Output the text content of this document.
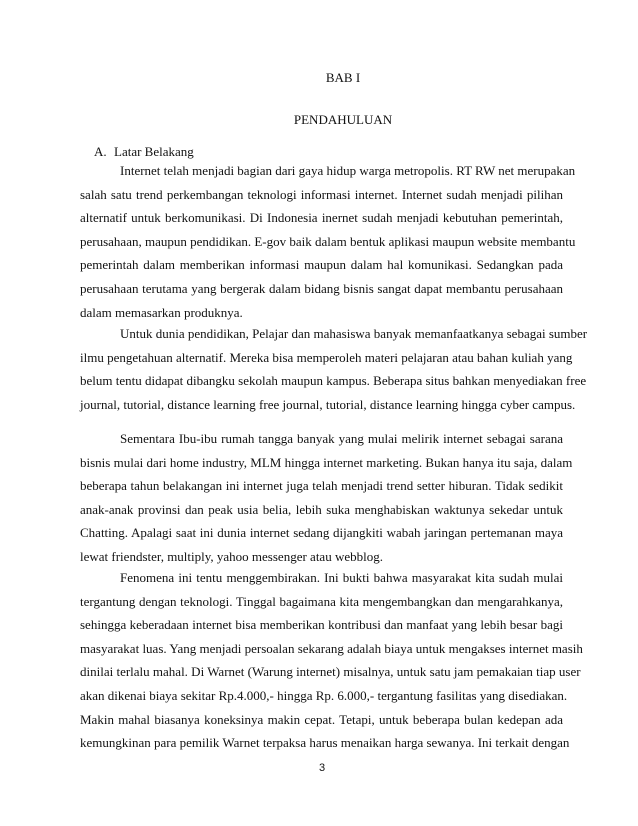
BAB I
PENDAHULUAN
A. Latar Belakang
Internet telah menjadi bagian dari gaya hidup warga metropolis. RT RW net merupakan
salah satu trend perkembangan teknologi informasi internet. Internet sudah menjadi pilihan
alternatif untuk berkomunikasi. Di Indonesia inernet sudah menjadi kebutuhan pemerintah,
perusahaan, maupun pendidikan. E-gov baik dalam bentuk aplikasi maupun website membantu
pemerintah dalam memberikan informasi maupun dalam hal komunikasi. Sedangkan pada
perusahaan terutama yang bergerak dalam bidang bisnis sangat dapat membantu perusahaan
dalam memasarkan produknya.
Untuk dunia pendidikan, Pelajar dan mahasiswa banyak memanfaatkanya sebagai sumber
ilmu pengetahuan alternatif. Mereka bisa memperoleh materi pelajaran atau bahan kuliah yang
belum tentu didapat dibangku sekolah maupun kampus. Beberapa situs bahkan menyediakan free
journal, tutorial, distance learning free journal, tutorial, distance learning hingga cyber campus.
Sementara Ibu-ibu rumah tangga banyak yang mulai melirik internet sebagai sarana
bisnis mulai dari home industry, MLM hingga internet marketing. Bukan hanya itu saja, dalam
beberapa tahun belakangan ini internet juga telah menjadi trend setter hiburan. Tidak sedikit
anak-anak provinsi dan peak usia belia, lebih suka menghabiskan waktunya sekedar untuk
Chatting. Apalagi saat ini dunia internet sedang dijangkiti wabah jaringan pertemanan maya
lewat friendster, multiply, yahoo messenger atau webblog.
Fenomena ini tentu menggembirakan. Ini bukti bahwa masyarakat kita sudah mulai
tergantung dengan teknologi. Tinggal bagaimana kita mengembangkan dan mengarahkanya,
sehingga keberadaan internet bisa memberikan kontribusi dan manfaat yang lebih besar bagi
masyarakat luas. Yang menjadi persoalan sekarang adalah biaya untuk mengakses internet masih
dinilai terlalu mahal. Di Warnet (Warung internet) misalnya, untuk satu jam pemakaian tiap user
akan dikenai biaya sekitar Rp.4.000,- hingga Rp. 6.000,- tergantung fasilitas yang disediakan.
Makin mahal biasanya koneksinya makin cepat. Tetapi, untuk beberapa bulan kedepan ada
kemungkinan para pemilik Warnet terpaksa harus menaikan harga sewanya. Ini terkait dengan
3
